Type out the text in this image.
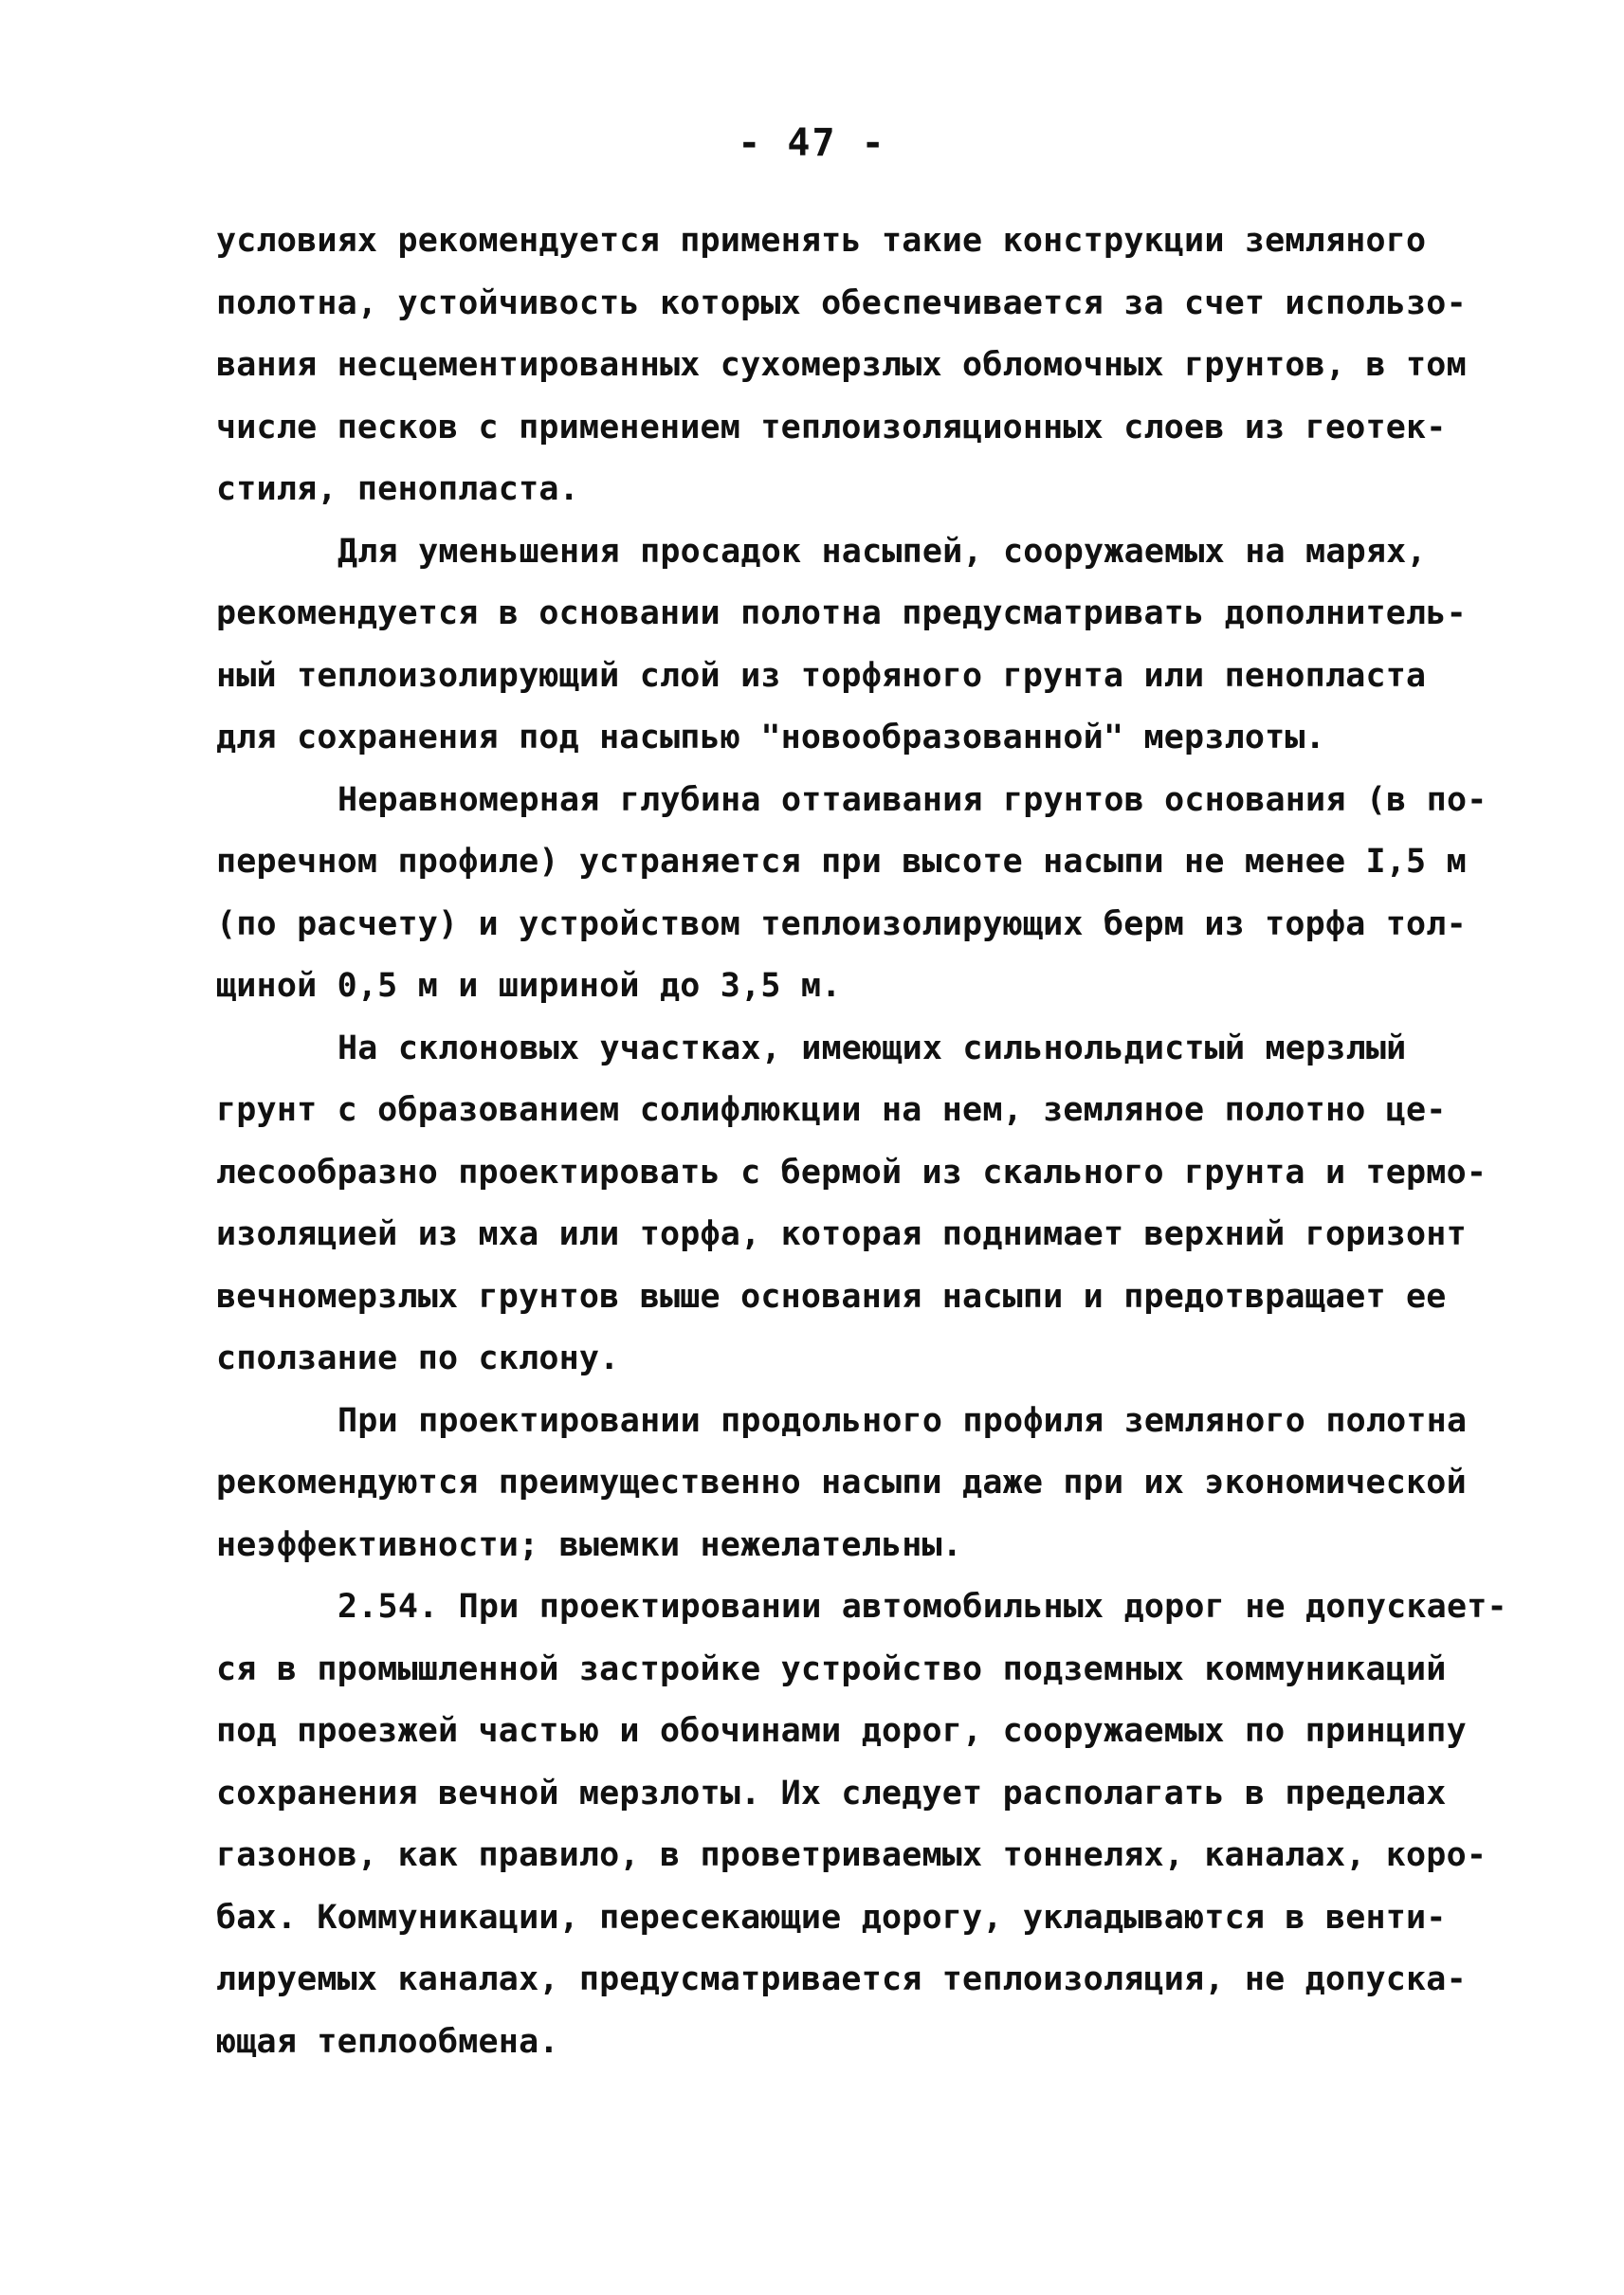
- 47 -
условиях рекомендуется применять такие конструкции земляного
полотна, устойчивость которых обеспечивается за счет использо-
вания несцементированных сухомерзлых обломочных грунтов, в том
числе песков с применением теплоизоляционных слоев из геотек-
стиля, пенопласта.
Для уменьшения просадок насыпей, сооружаемых на марях,
рекомендуется в основании полотна предусматривать дополнитель-
ный теплоизолирующий слой из торфяного грунта или пенопласта
для сохранения под насыпью "новообразованной" мерзлоты.
Неравномерная глубина оттаивания грунтов основания (в по-
перечном профиле) устраняется при высоте насыпи не менее I,5 м
(по расчету) и устройством теплоизолирующих берм из торфа тол-
щиной 0,5 м и шириной до 3,5 м.
На склоновых участках, имеющих сильнольдистый мерзлый
грунт с образованием солифлюкции на нем, земляное полотно це-
лесообразно проектировать с бермой из скального грунта и термо-
изоляцией из мха или торфа, которая поднимает верхний горизонт
вечномерзлых грунтов выше основания насыпи и предотвращает ее
сползание по склону.
При проектировании продольного профиля земляного полотна
рекомендуются преимущественно насыпи даже при их экономической
неэффективности; выемки нежелательны.
2.54. При проектировании автомобильных дорог не допускает-
ся в промышленной застройке устройство подземных коммуникаций
под проезжей частью и обочинами дорог, сооружаемых по принципу
сохранения вечной мерзлоты. Их следует располагать в пределах
газонов, как правило, в проветриваемых тоннелях, каналах, коро-
бах. Коммуникации, пересекающие дорогу, укладываются в венти-
лируемых каналах, предусматривается теплоизоляция, не допуска-
ющая теплообмена.
